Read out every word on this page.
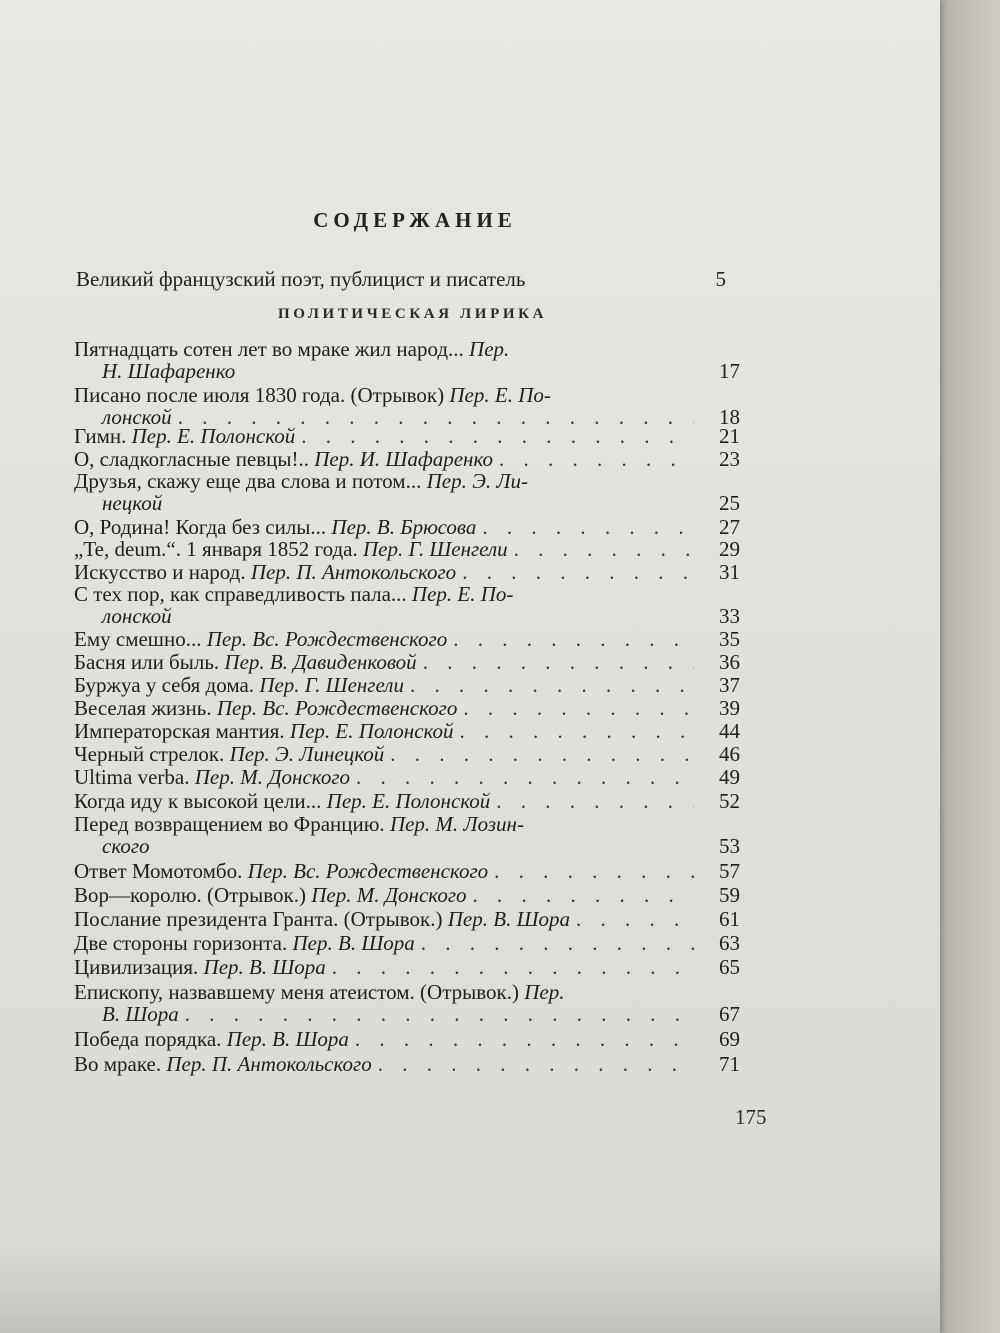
СОДЕРЖАНИЕ
Великий французский поэт, публицист и писатель	5
ПОЛИТИЧЕСКАЯ ЛИРИКА
Пятнадцать сотен лет во мраке жил народ... Пер.
Н. Шафаренко	17
Писано после июля 1830 года. (Отрывок) Пер. Е. По-
лонской . . .	18
Гимн. Пер. Е. Полонской . . .	21
О, сладкогласные певцы!.. Пер. И. Шафаренко . . .	23
Друзья, скажу еще два слова и потом... Пер. Э. Ли-
нецкой	25
О, Родина! Когда без силы... Пер. В. Брюсова . . .	27
„Te, deum.“. 1 января 1852 года. Пер. Г. Шенгели . . .	29
Искусство и народ. Пер. П. Антокольского . . .	31
С тех пор, как справедливость пала... Пер. Е. По-
лонской	33
Ему смешно... Пер. Вс. Рождественского . . .	35
Басня или быль. Пер. В. Давиденковой . . .	36
Буржуа у себя дома. Пер. Г. Шенгели . . .	37
Веселая жизнь. Пер. Вс. Рождественского . . .	39
Императорская мантия. Пер. Е. Полонской . . .	44
Черный стрелок. Пер. Э. Линецкой . . .	46
Ultima verba. Пер. М. Донского . . .	49
Когда иду к высокой цели... Пер. Е. Полонской . . .	52
Перед возвращением во Францию. Пер. М. Лозин-
ского	53
Ответ Момотомбо. Пер. Вс. Рождественского . . .	57
Вор—королю. (Отрывок.) Пер. М. Донского . . .	59
Послание президента Гранта. (Отрывок.) Пер. В. Шора . . .	61
Две стороны горизонта. Пер. В. Шора . . .	63
Цивилизация. Пер. В. Шора . . .	65
Епископу, назвавшему меня атеистом. (Отрывок.) Пер.
В. Шора . . .	67
Победа порядка. Пер. В. Шора . . .	69
Во мраке. Пер. П. Антокольского . . .	71
175
